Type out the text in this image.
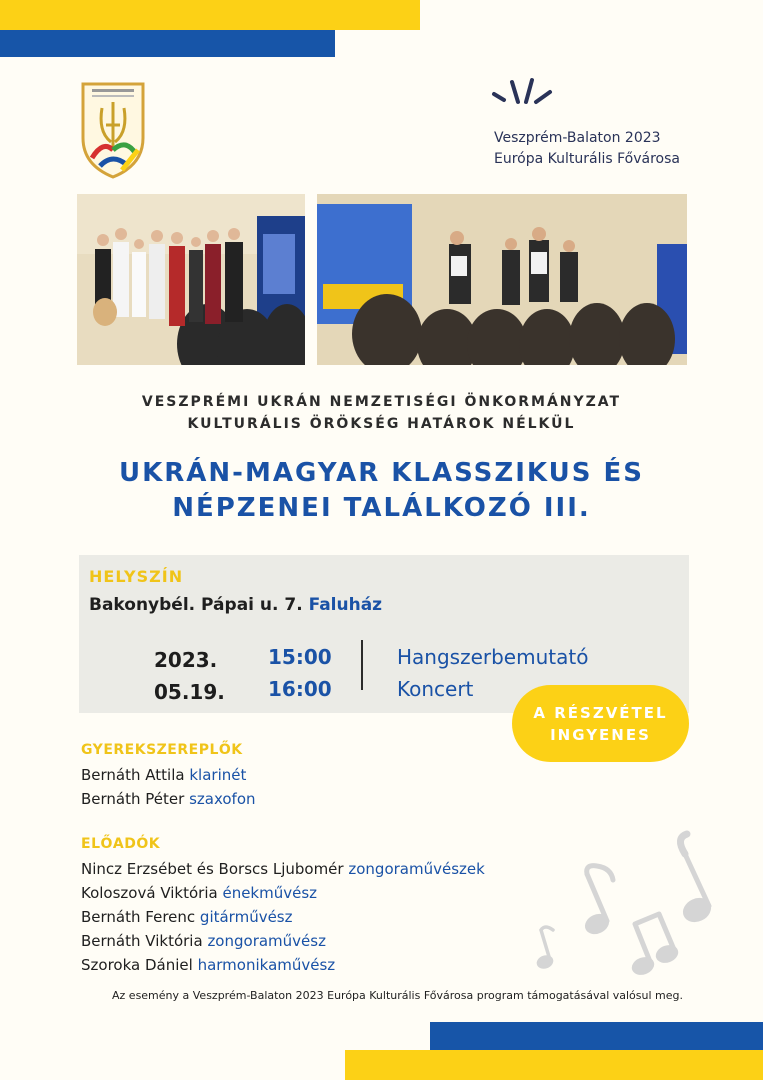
Veszprém-Balaton 2023
Európa Kulturális Fővárosa
VESZPRÉMI UKRÁN NEMZETISÉGI ÖNKORMÁNYZAT
KULTURÁLIS ÖRÖKSÉG HATÁROK NÉLKÜL
UKRÁN-MAGYAR KLASSZIKUS ÉS
NÉPZENEI TALÁLKOZÓ III.
HELYSZÍN
Bakonybél. Pápai u. 7. Faluház
2023.
05.19.
15:00
16:00
Hangszerbemutató
Koncert
A RÉSZVÉTEL
INGYENES
GYEREKSZEREPLŐK
Bernáth Attila klarinét
Bernáth Péter szaxofon
ELŐADÓK
Nincz Erzsébet és Borscs Ljubomér zongoraművészek
Koloszová Viktória énekművész
Bernáth Ferenc gitárművész
Bernáth Viktória zongoraművész
Szoroka Dániel harmonikaművész
Az esemény a Veszprém-Balaton 2023 Európa Kulturális Fővárosa program támogatásával valósul meg.
